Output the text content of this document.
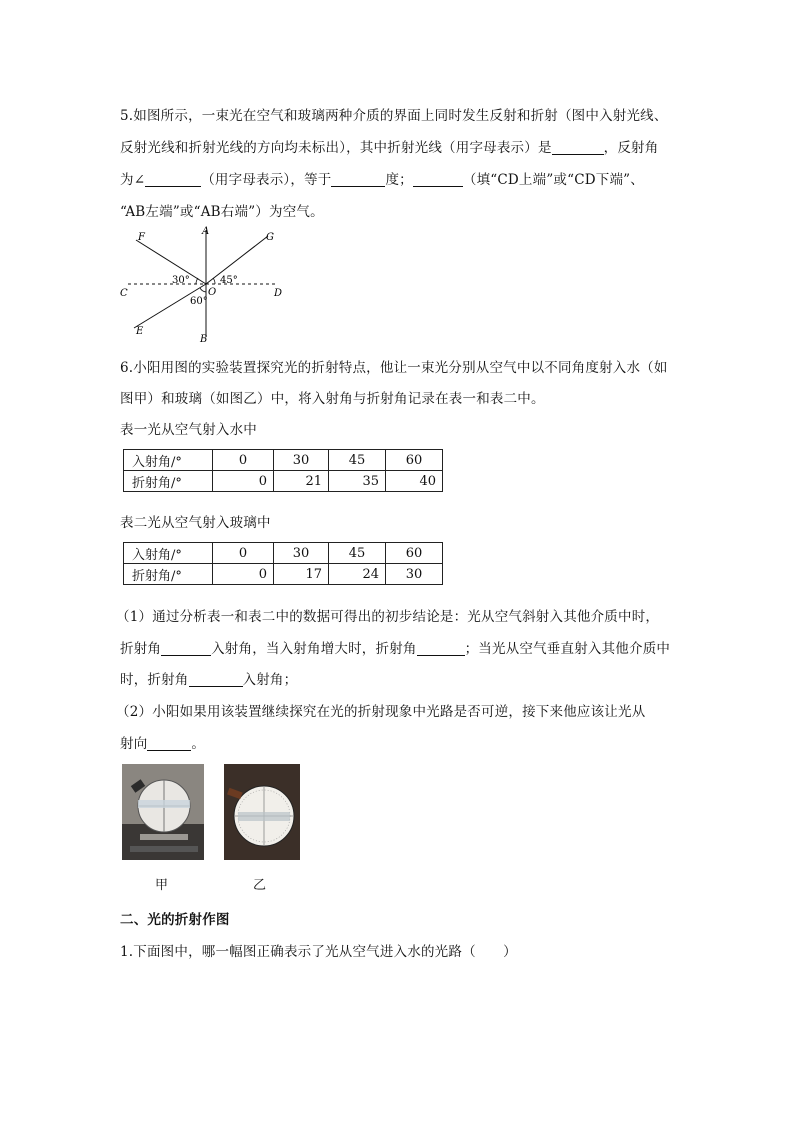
5.如图所示，一束光在空气和玻璃两种介质的界面上同时发生反射和折射（图中入射光线、
反射光线和折射光线的方向均未标出），其中折射光线（用字母表示）是	，反射角
为∠	（用字母表示），等于	度；	（填“CD上端”或“CD下端”、
“AB左端”或“AB右端”）为空气。
A
B
C	D
E
F	G
O
30°	45°
60°
6.小阳用图的实验装置探究光的折射特点，他让一束光分别从空气中以不同角度射入水（如
图甲）和玻璃（如图乙）中，将入射角与折射角记录在表一和表二中。
表一光从空气射入水中
入射角/°	0	30	45	60
折射角/°	0	21	35	40
表二光从空气射入玻璃中
入射角/°	0	30	45	60
折射角/°	0	17	24	30
（1）通过分析表一和表二中的数据可得出的初步结论是：光从空气斜射入其他介质中时，
折射角	入射角，当入射角增大时，折射角	；当光从空气垂直射入其他介质中
时，折射角	入射角；
（2）小阳如果用该装置继续探究在光的折射现象中光路是否可逆，接下来他应该让光从
射向	。
甲	乙
二、光的折射作图
1.下面图中，哪一幅图正确表示了光从空气进入水的光路（　　）
